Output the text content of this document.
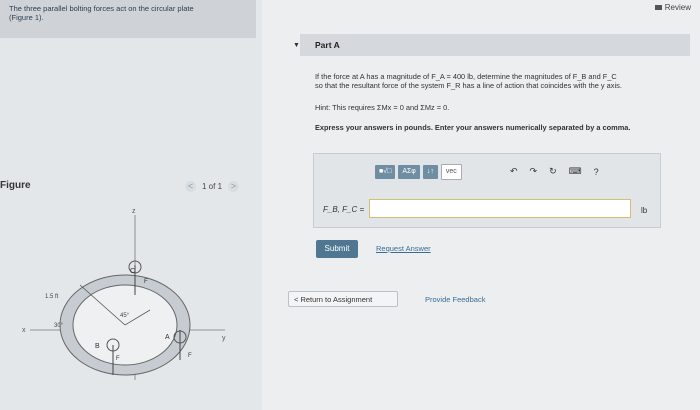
The three parallel bolting forces act on the circular plate
(Figure 1).
Figure	<	1 of 1 >
z
x
y
1.5 ft
30°
45°
C
F
B
F
A
F
Review
▼ Part A
If the force at A has a magnitude of F_A = 400 lb, determine the magnitudes of F_B and F_C
so that the resultant force of the system F_R has a line of action that coincides with the y axis.
Hint: This requires ΣMx = 0 and ΣMz = 0.
Express your answers in pounds. Enter your answers numerically separated by a comma.
■√□	ΑΣφ	↓↑	vec	↶ ↷ ↻ ⌨ ?
F_B, F_C =	lb
Submit	Request Answer
< Return to Assignment	Provide Feedback
